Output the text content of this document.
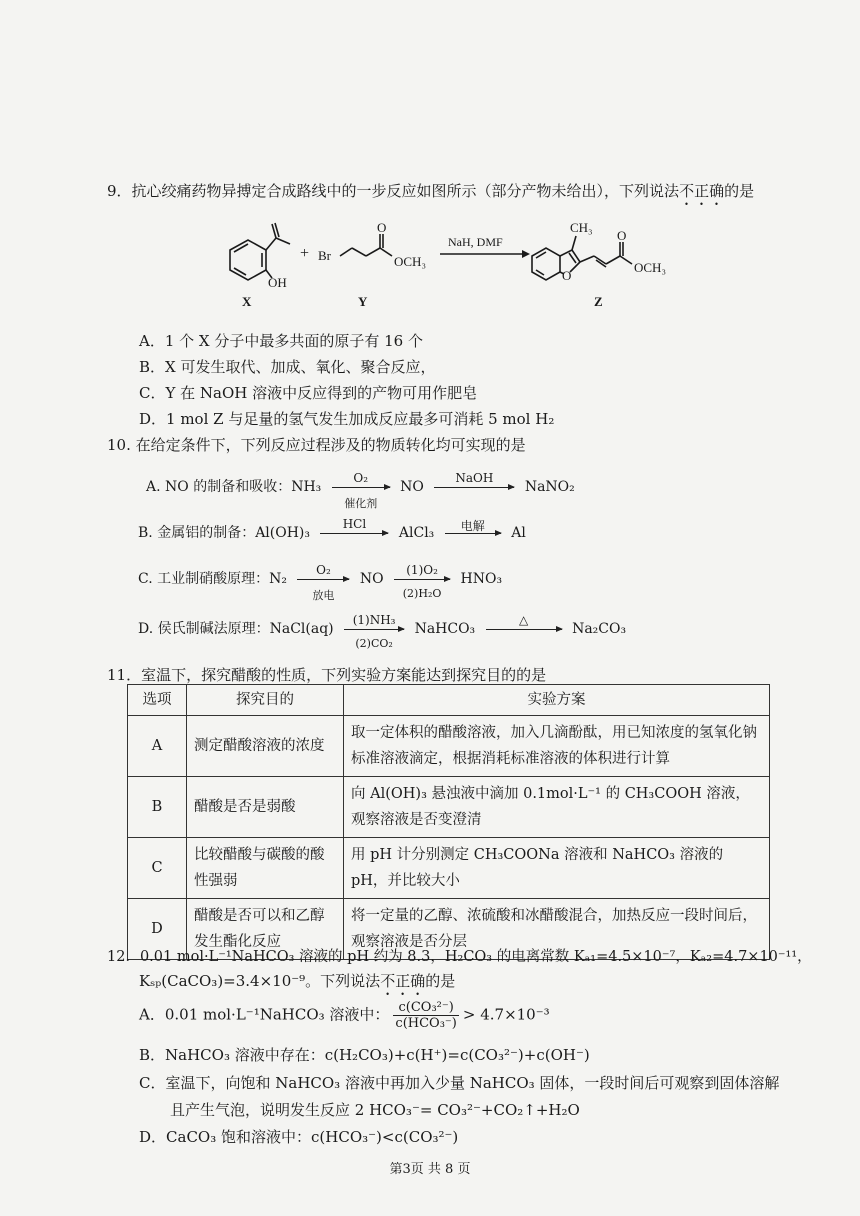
9．抗心绞痛药物异搏定合成路线中的一步反应如图所示（部分产物未给出），下列说法不正确的是
OH
+ Br
O
OCH₃
NaH, DMF
O
CH₃
O
OCH₃
X	Y	Z
A．1 个 X 分子中最多共面的原子有 16 个
B．X 可发生取代、加成、氧化、聚合反应，
C．Y 在 NaOH 溶液中反应得到的产物可用作肥皂
D．1 mol Z 与足量的氢气发生加成反应最多可消耗 5 mol H₂
10. 在给定条件下，下列反应过程涉及的物质转化均可实现的是
A. NO 的制备和吸收：NH₃
O₂
催化剂
NO
NaOH
NaNO₂
B. 金属铝的制备：Al(OH)₃
HCl
AlCl₃	电解	Al
C. 工业制硝酸原理：N₂
O₂
放电
NO $\frac{\text{(1)O₂}}{\text{(2)H₂O}} HNO_3$
D. 侯氏制碱法原理：NaCl(aq) $\frac{\text{(1)NH₃}}{\text{(2)CO₂}}$ NaHCO₃
△
Na₂CO₃
11．室温下，探究醋酸的性质，下列实验方案能达到探究目的的是
选项	探究目的	实验方案
A	测定醋酸溶液的浓度	取一定体积的醋酸溶液，加入几滴酚酞，用已知浓度的氢氧化钠标准溶液滴定，根据消耗标准溶液的体积进行计算
B	醋酸是否是弱酸	向 Al(OH)₃ 悬浊液中滴加 0.1mol·L⁻¹ 的 CH₃COOH 溶液，观察溶液是否变澄清
C	比较醋酸与碳酸的酸性强弱	用 pH 计分别测定 CH₃COONa 溶液和 NaHCO₃ 溶液的 pH，并比较大小
D	醋酸是否可以和乙醇发生酯化反应	将一定量的乙醇、浓硫酸和冰醋酸混合，加热反应一段时间后，观察溶液是否分层
12．0.01 mol·L⁻¹NaHCO₃ 溶液的 pH 约为 8.3，H₂CO₃ 的电离常数 Kₐ₁=4.5×10⁻⁷，Kₐ₂=4.7×10⁻¹¹，
Kₛₚ(CaCO₃)=3.4×10⁻⁹。下列说法不正确的是
A．0.01 mol·L⁻¹NaHCO₃ 溶液中： $\frac{\text{c(CO₃²⁻)}}{\text{c(HCO₃⁻)}} > 4.7\times 10^{-3}$
B．NaHCO₃ 溶液中存在：c(H₂CO₃)+c(H⁺)=c(CO₃²⁻)+c(OH⁻)
C．室温下，向饱和 NaHCO₃ 溶液中再加入少量 NaHCO₃ 固体，一段时间后可观察到固体溶解
且产生气泡，说明发生反应 2 HCO₃⁻= CO₃²⁻+CO₂↑+H₂O
D．CaCO₃ 饱和溶液中：c(HCO₃⁻)<c(CO₃²⁻)
第3页 共 8 页
